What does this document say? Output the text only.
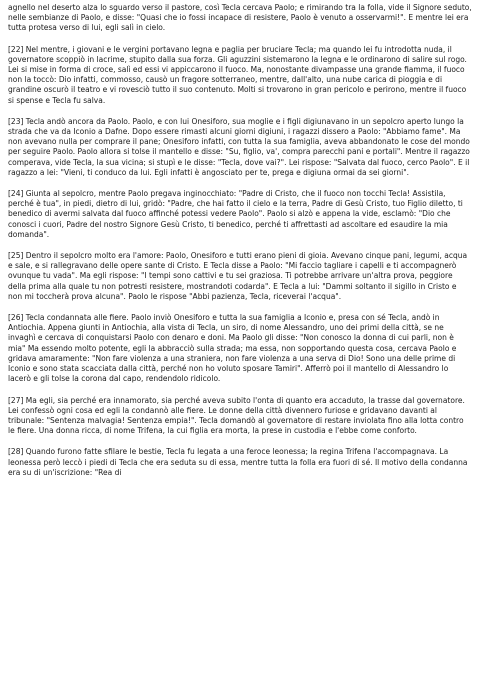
agnello nel deserto alza lo sguardo verso il pastore, così Tecla cercava Paolo; e rimirando tra la folla, vide il Signore seduto, nelle sembianze di Paolo, e disse: "Quasi che io fossi incapace di resistere, Paolo è venuto a osservarmi!". E mentre lei era tutta protesa verso di lui, egli salì in cielo.

[22] Nel mentre, i giovani e le vergini portavano legna e paglia per bruciare Tecla; ma quando lei fu introdotta nuda, il governatore scoppiò in lacrime, stupito dalla sua forza. Gli aguzzini sistemarono la legna e le ordinarono di salire sul rogo. Lei si mise in forma di croce, salì ed essi vi appiccarono il fuoco. Ma, nonostante divampasse una grande fiamma, il fuoco non la toccò: Dio infatti, commosso, causò un fragore sotterraneo, mentre, dall'alto, una nube carica di pioggia e di grandine oscurò il teatro e vi rovesciò tutto il suo contenuto. Molti si trovarono in gran pericolo e perirono, mentre il fuoco si spense e Tecla fu salva.

[23] Tecla andò ancora da Paolo. Paolo, e con lui Onesiforo, sua moglie e i figli digiunavano in un sepolcro aperto lungo la strada che va da Iconio a Dafne. Dopo essere rimasti alcuni giorni digiuni, i ragazzi dissero a Paolo: "Abbiamo fame". Ma non avevano nulla per comprare il pane; Onesiforo infatti, con tutta la sua famiglia, aveva abbandonato le cose del mondo per seguire Paolo. Paolo allora si tolse il mantello e disse: "Su, figlio, va', compra parecchi pani e portali". Mentre il ragazzo comperava, vide Tecla, la sua vicina; si stupì e le disse: "Tecla, dove vai?". Lei rispose: "Salvata dal fuoco, cerco Paolo". E il ragazzo a lei: "Vieni, ti conduco da lui. Egli infatti è angosciato per te, prega e digiuna ormai da sei giorni".

[24] Giunta al sepolcro, mentre Paolo pregava inginocchiato: "Padre di Cristo, che il fuoco non tocchi Tecla! Assistila, perché è tua", in piedi, dietro di lui, gridò: "Padre, che hai fatto il cielo e la terra, Padre di Gesù Cristo, tuo Figlio diletto, ti benedico di avermi salvata dal fuoco affinché potessi vedere Paolo". Paolo si alzò e appena la vide, esclamò: "Dio che conosci i cuori, Padre del nostro Signore Gesù Cristo, ti benedico, perché ti affrettasti ad ascoltare ed esaudire la mia domanda".

[25] Dentro il sepolcro molto era l'amore: Paolo, Onesiforo e tutti erano pieni di gioia. Avevano cinque pani, legumi, acqua e sale, e si rallegravano delle opere sante di Cristo. E Tecla disse a Paolo: "Mi faccio tagliare i capelli e ti accompagnerò ovunque tu vada". Ma egli rispose: "I tempi sono cattivi e tu sei graziosa. Ti potrebbe arrivare un'altra prova, peggiore della prima alla quale tu non potresti resistere, mostrandoti codarda". E Tecla a lui: "Dammi soltanto il sigillo in Cristo e non mi toccherà prova alcuna". Paolo le rispose "Abbi pazienza, Tecla, riceverai l'acqua".

[26] Tecla condannata alle fiere. Paolo inviò Onesiforo e tutta la sua famiglia a Iconio e, presa con sé Tecla, andò in Antiochia. Appena giunti in Antiochia, alla vista di Tecla, un siro, di nome Alessandro, uno dei primi della città, se ne invaghì e cercava di conquistarsi Paolo con denaro e doni. Ma Paolo gli disse: "Non conosco la donna di cui parli, non è mia" Ma essendo molto potente, egli la abbracciò sulla strada; ma essa, non sopportando questa cosa, cercava Paolo e gridava amaramente: "Non fare violenza a una straniera, non fare violenza a una serva di Dio! Sono una delle prime di Iconio e sono stata scacciata dalla città, perché non ho voluto sposare Tamiri". Afferrò poi il mantello di Alessandro lo lacerò e gli tolse la corona dal capo, rendendolo ridicolo.

[27] Ma egli, sia perché era innamorato, sia perché aveva subito l'onta di quanto era accaduto, la trasse dal governatore. Lei confessò ogni cosa ed egli la condannò alle fiere. Le donne della città divennero furiose e gridavano davanti al tribunale: "Sentenza malvagia! Sentenza empia!". Tecla domandò al governatore di restare inviolata fino alla lotta contro le fiere. Una donna ricca, di nome Trifena, la cui figlia era morta, la prese in custodia e l'ebbe come conforto.

[28] Quando furono fatte sfilare le bestie, Tecla fu legata a una feroce leonessa; la regina Trifena l'accompagnava. La leonessa però leccò i piedi di Tecla che era seduta su di essa, mentre tutta la folla era fuori di sé. Il motivo della condanna era su di un'iscrizione: "Rea di
